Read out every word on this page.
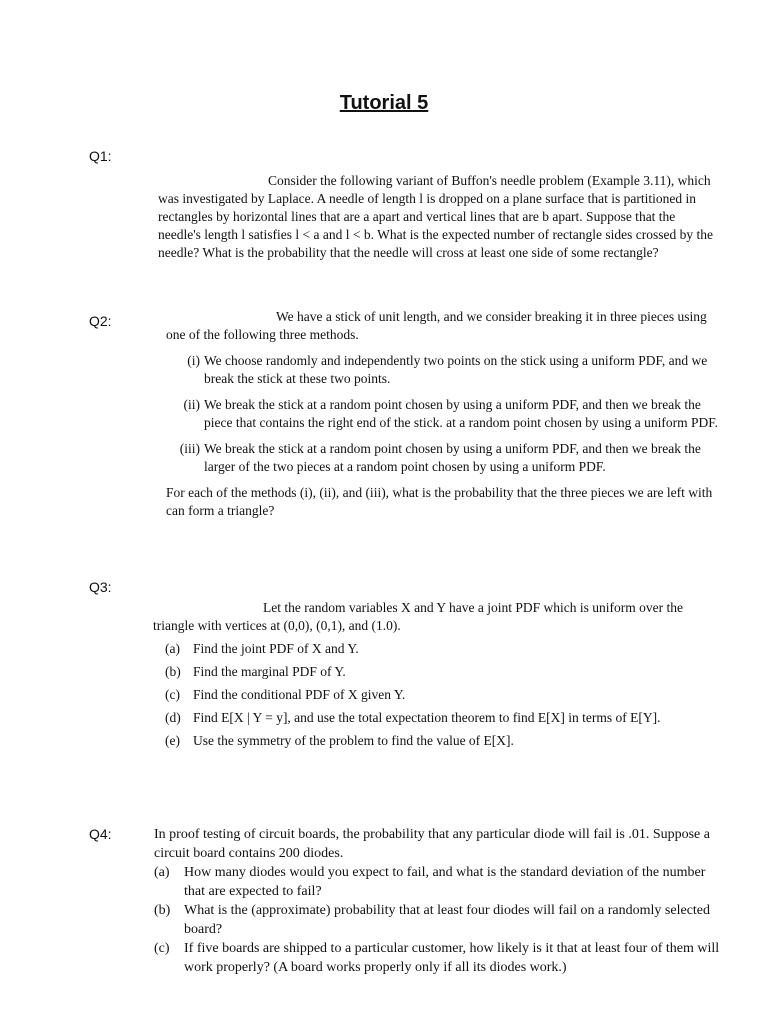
Tutorial 5
Q1:

Consider the following variant of Buffon's needle problem (Example 3.11), which was investigated by Laplace. A needle of length l is dropped on a plane surface that is partitioned in rectangles by horizontal lines that are a apart and vertical lines that are b apart. Suppose that the needle's length l satisfies l < a and l < b. What is the expected number of rectangle sides crossed by the needle? What is the probability that the needle will cross at least one side of some rectangle?

Q2:	We have a stick of unit length, and we consider breaking it in three pieces using one of the following three methods.

(i) We choose randomly and independently two points on the stick using a uniform PDF, and we break the stick at these two points.
(ii) We break the stick at a random point chosen by using a uniform PDF, and then we break the piece that contains the right end of the stick. at a random point chosen by using a uniform PDF.
(iii) We break the stick at a random point chosen by using a uniform PDF, and then we break the larger of the two pieces at a random point chosen by using a uniform PDF.

For each of the methods (i), (ii), and (iii), what is the probability that the three pieces we are left with can form a triangle?

Q3:

Let the random variables X and Y have a joint PDF which is uniform over the triangle with vertices at (0,0), (0,1), and (1.0).

(a) Find the joint PDF of X and Y.
(b) Find the marginal PDF of Y.
(c) Find the conditional PDF of X given Y.
(d) Find E[X | Y = y], and use the total expectation theorem to find E[X] in terms of E[Y].
(e) Use the symmetry of the problem to find the value of E[X].
Q4:	In proof testing of circuit boards, the probability that any particular diode will fail is .01. Suppose a circuit board contains 200 diodes.

(a)	How many diodes would you expect to fail, and what is the standard deviation of the number that are expected to fail?
(b) What is the (approximate) probability that at least four diodes will fail on a randomly selected board?
(c)	If five boards are shipped to a particular customer, how likely is it that at least four of them will work properly? (A board works properly only if all its diodes work.)
